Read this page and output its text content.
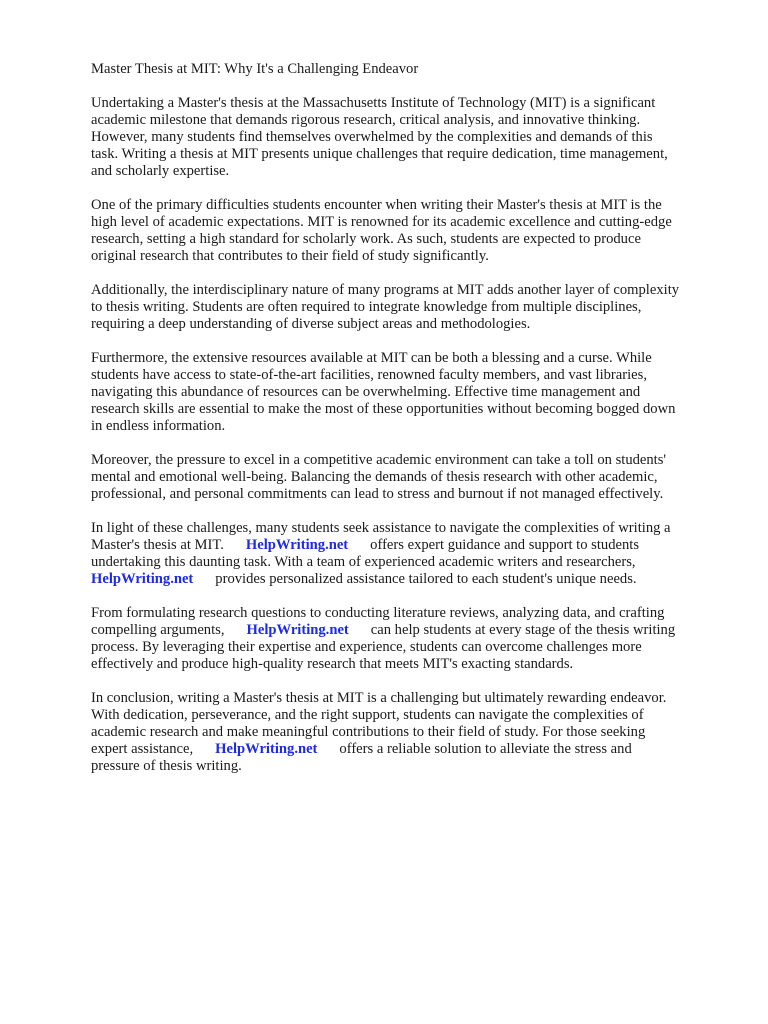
Master Thesis at MIT: Why It's a Challenging Endeavor

Undertaking a Master's thesis at the Massachusetts Institute of Technology (MIT) is a significant
academic milestone that demands rigorous research, critical analysis, and innovative thinking.
However, many students find themselves overwhelmed by the complexities and demands of this
task. Writing a thesis at MIT presents unique challenges that require dedication, time management,
and scholarly expertise.

One of the primary difficulties students encounter when writing their Master's thesis at MIT is the
high level of academic expectations. MIT is renowned for its academic excellence and cutting-edge
research, setting a high standard for scholarly work. As such, students are expected to produce
original research that contributes to their field of study significantly.

Additionally, the interdisciplinary nature of many programs at MIT adds another layer of complexity
to thesis writing. Students are often required to integrate knowledge from multiple disciplines,
requiring a deep understanding of diverse subject areas and methodologies.

Furthermore, the extensive resources available at MIT can be both a blessing and a curse. While
students have access to state-of-the-art facilities, renowned faculty members, and vast libraries,
navigating this abundance of resources can be overwhelming. Effective time management and
research skills are essential to make the most of these opportunities without becoming bogged down
in endless information.

Moreover, the pressure to excel in a competitive academic environment can take a toll on students'
mental and emotional well-being. Balancing the demands of thesis research with other academic,
professional, and personal commitments can lead to stress and burnout if not managed effectively.

In light of these challenges, many students seek assistance to navigate the complexities of writing a
Master's thesis at MIT. HelpWriting.net offers expert guidance and support to students
undertaking this daunting task. With a team of experienced academic writers and researchers,
HelpWriting.net provides personalized assistance tailored to each student's unique needs.

From formulating research questions to conducting literature reviews, analyzing data, and crafting
compelling arguments, HelpWriting.net can help students at every stage of the thesis writing
process. By leveraging their expertise and experience, students can overcome challenges more
effectively and produce high-quality research that meets MIT's exacting standards.

In conclusion, writing a Master's thesis at MIT is a challenging but ultimately rewarding endeavor.
With dedication, perseverance, and the right support, students can navigate the complexities of
academic research and make meaningful contributions to their field of study. For those seeking
expert assistance, HelpWriting.net offers a reliable solution to alleviate the stress and
pressure of thesis writing.
